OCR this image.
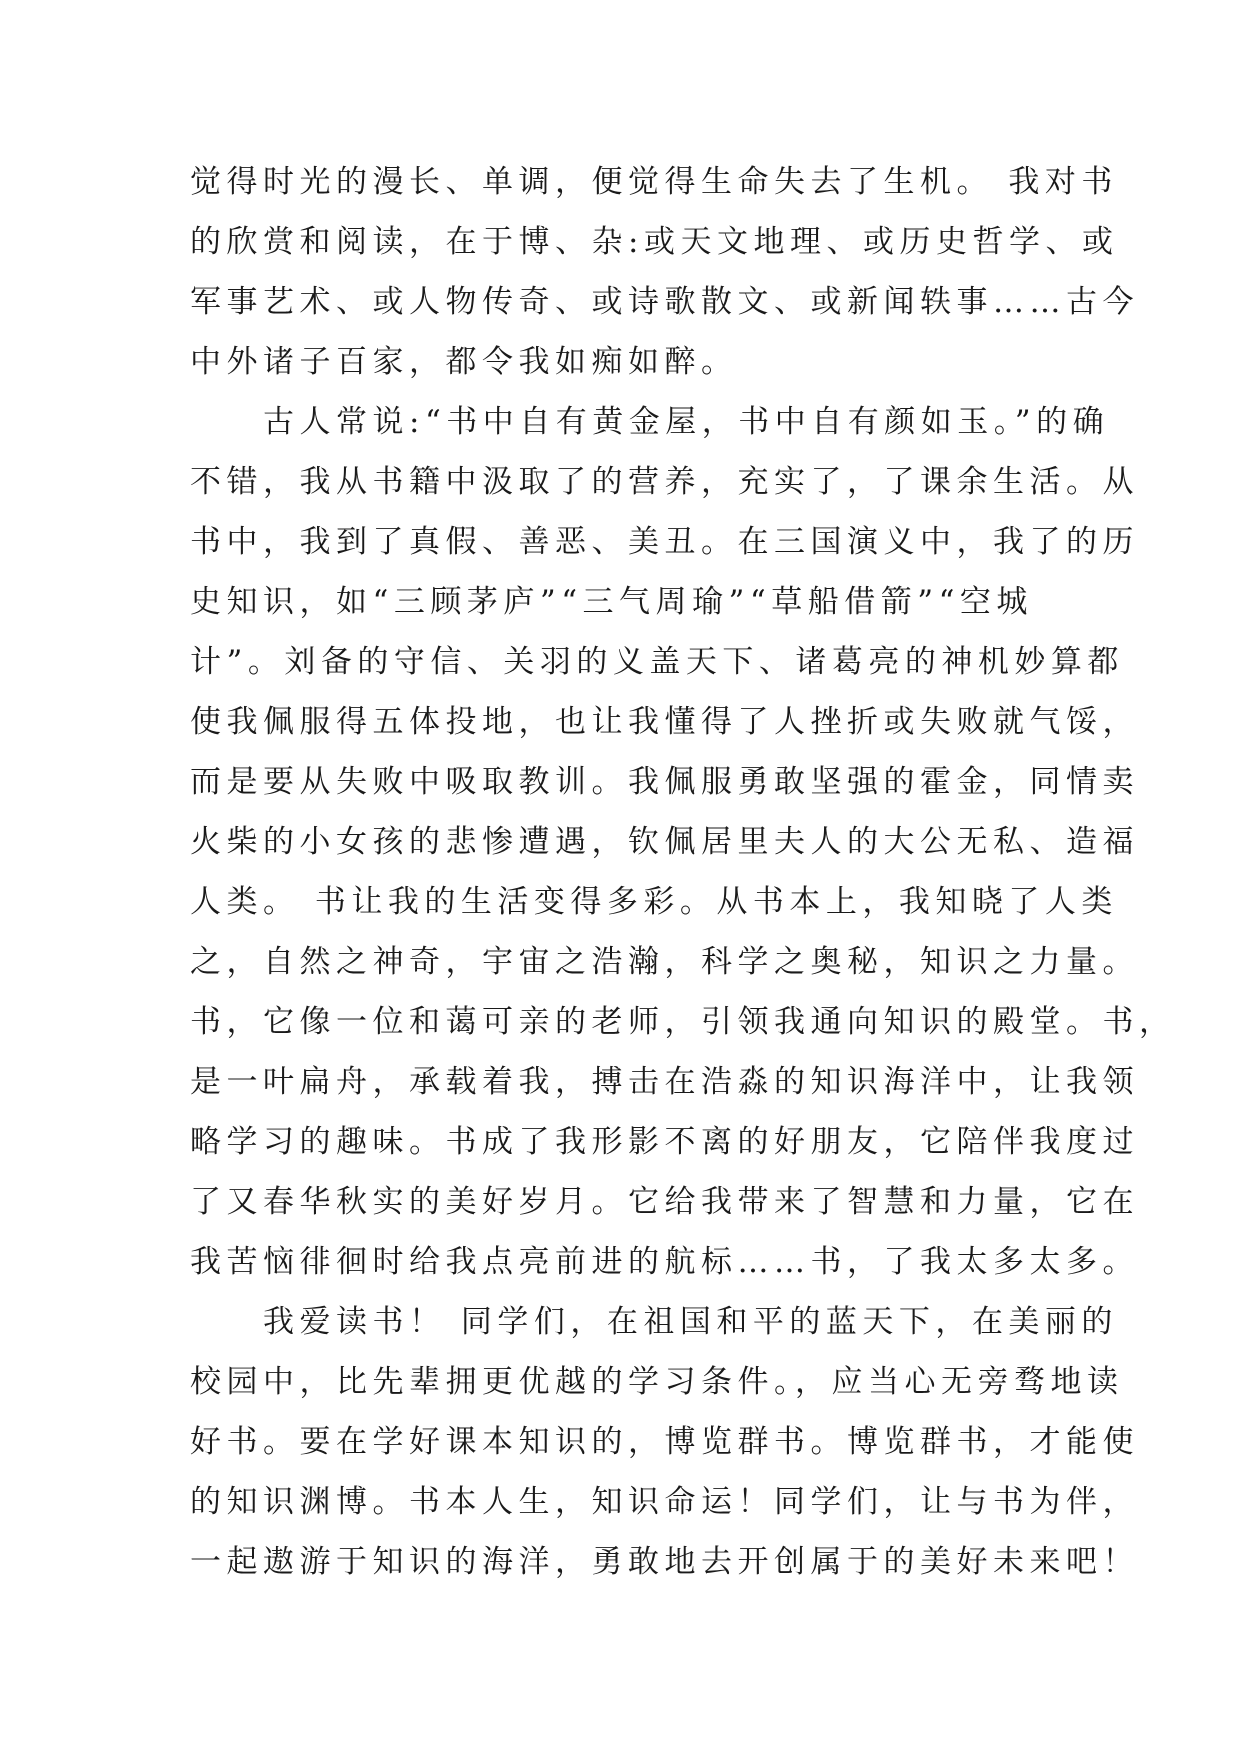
觉得时光的漫长、单调，便觉得生命失去了生机。 我对书
的欣赏和阅读，在于博、杂:或天文地理、或历史哲学、或
军事艺术、或人物传奇、或诗歌散文、或新闻轶事……古今
中外诸子百家，都令我如痴如醉。
　　古人常说:“书中自有黄金屋，书中自有颜如玉。”的确
不错，我从书籍中汲取了的营养，充实了，了课余生活。从
书中，我到了真假、善恶、美丑。在三国演义中，我了的历
史知识，如“三顾茅庐”“三气周瑜”“草船借箭”“空城
计”。刘备的守信、关羽的义盖天下、诸葛亮的神机妙算都
使我佩服得五体投地，也让我懂得了人挫折或失败就气馁，
而是要从失败中吸取教训。我佩服勇敢坚强的霍金，同情卖
火柴的小女孩的悲惨遭遇，钦佩居里夫人的大公无私、造福
人类。 书让我的生活变得多彩。从书本上，我知晓了人类
之，自然之神奇，宇宙之浩瀚，科学之奥秘，知识之力量。
书，它像一位和蔼可亲的老师，引领我通向知识的殿堂。书，
是一叶扁舟，承载着我，搏击在浩淼的知识海洋中，让我领
略学习的趣味。书成了我形影不离的好朋友，它陪伴我度过
了又春华秋实的美好岁月。它给我带来了智慧和力量，它在
我苦恼徘徊时给我点亮前进的航标……书，了我太多太多。
　　我爱读书！ 同学们，在祖国和平的蓝天下，在美丽的
校园中，比先辈拥更优越的学习条件。，应当心无旁骛地读
好书。要在学好课本知识的，博览群书。博览群书，才能使
的知识渊博。书本人生，知识命运！同学们，让与书为伴，
一起遨游于知识的海洋，勇敢地去开创属于的美好未来吧！
